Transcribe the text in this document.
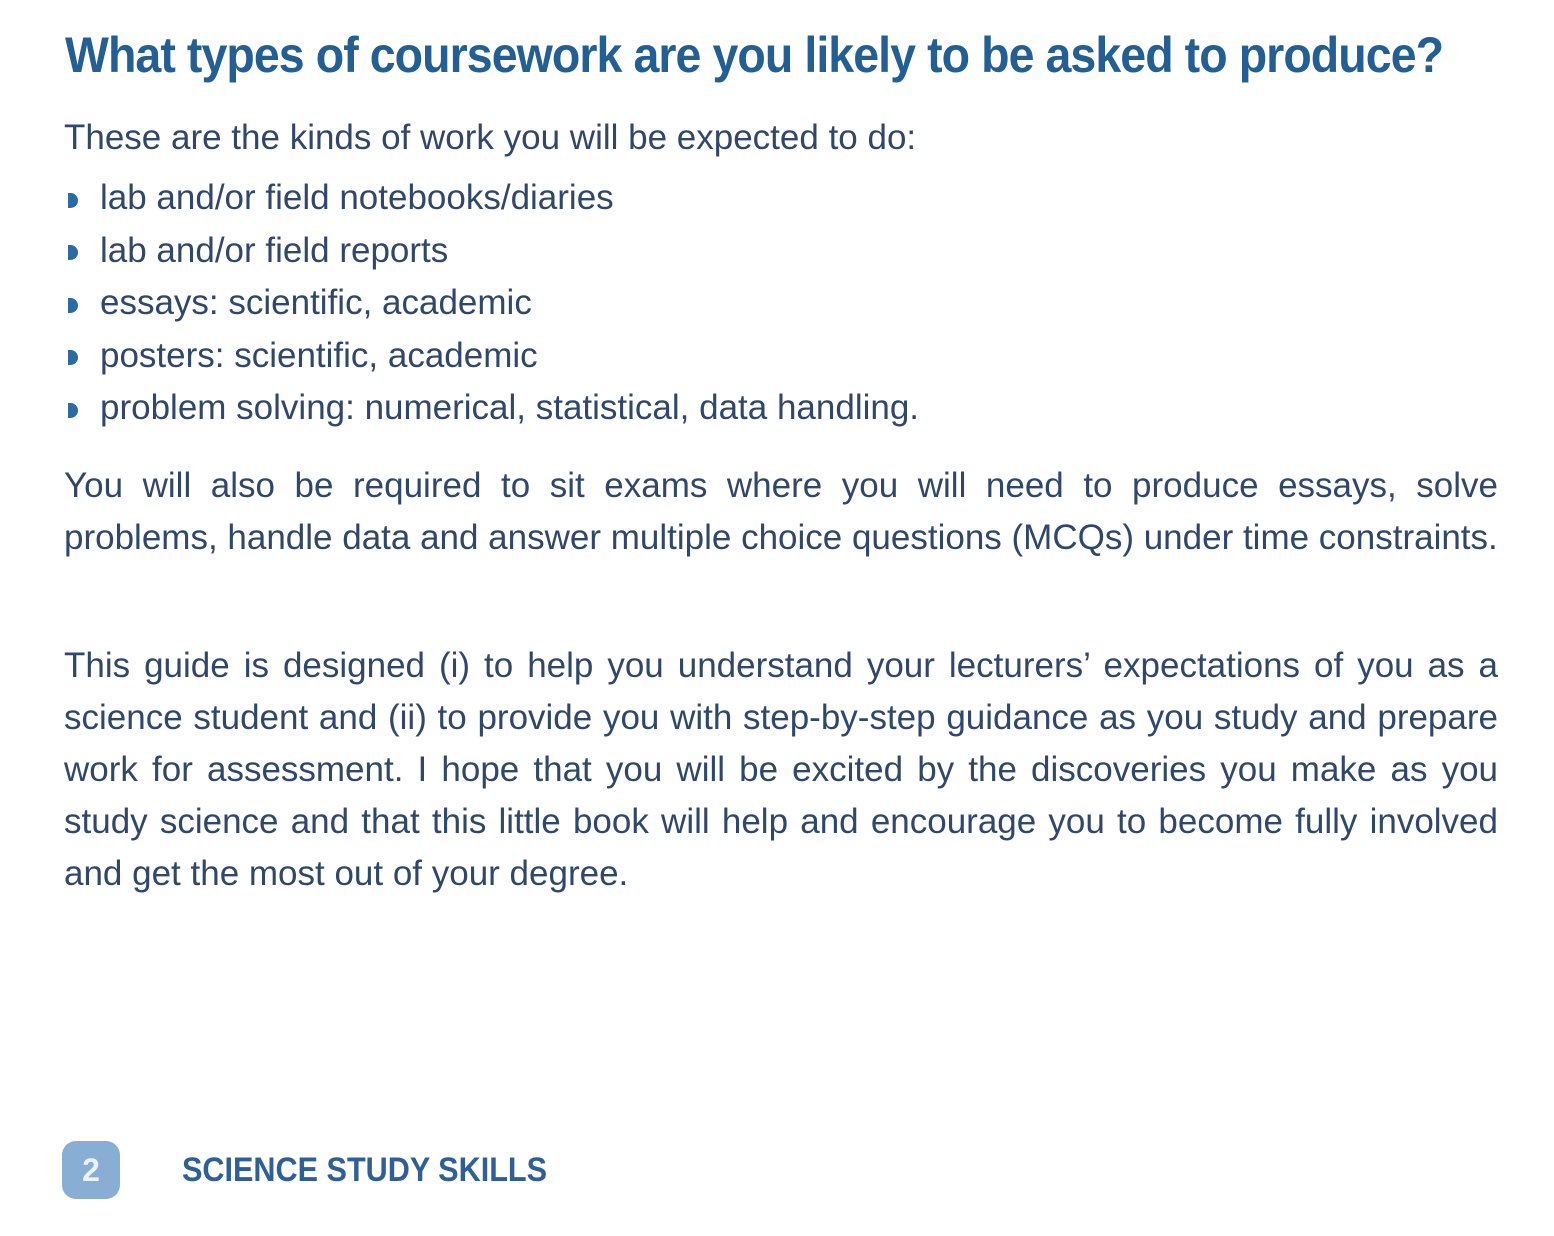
What types of coursework are you likely to be asked to produce?

These are the kinds of work you will be expected to do:

lab and/or field notebooks/diaries
lab and/or field reports
essays: scientific, academic
posters: scientific, academic
problem solving: numerical, statistical, data handling.

You will also be required to sit exams where you will need to produce essays, solve problems, handle data and answer multiple choice questions (MCQs) under time constraints.

This guide is designed (i) to help you understand your lecturers’ expectations of you as a science student and (ii) to provide you with step-by-step guidance as you study and prepare work for assessment. I hope that you will be excited by the discoveries you make as you study science and that this little book will help and encourage you to become fully involved and get the most out of your degree.

2	SCIENCE STUDY SKILLS
